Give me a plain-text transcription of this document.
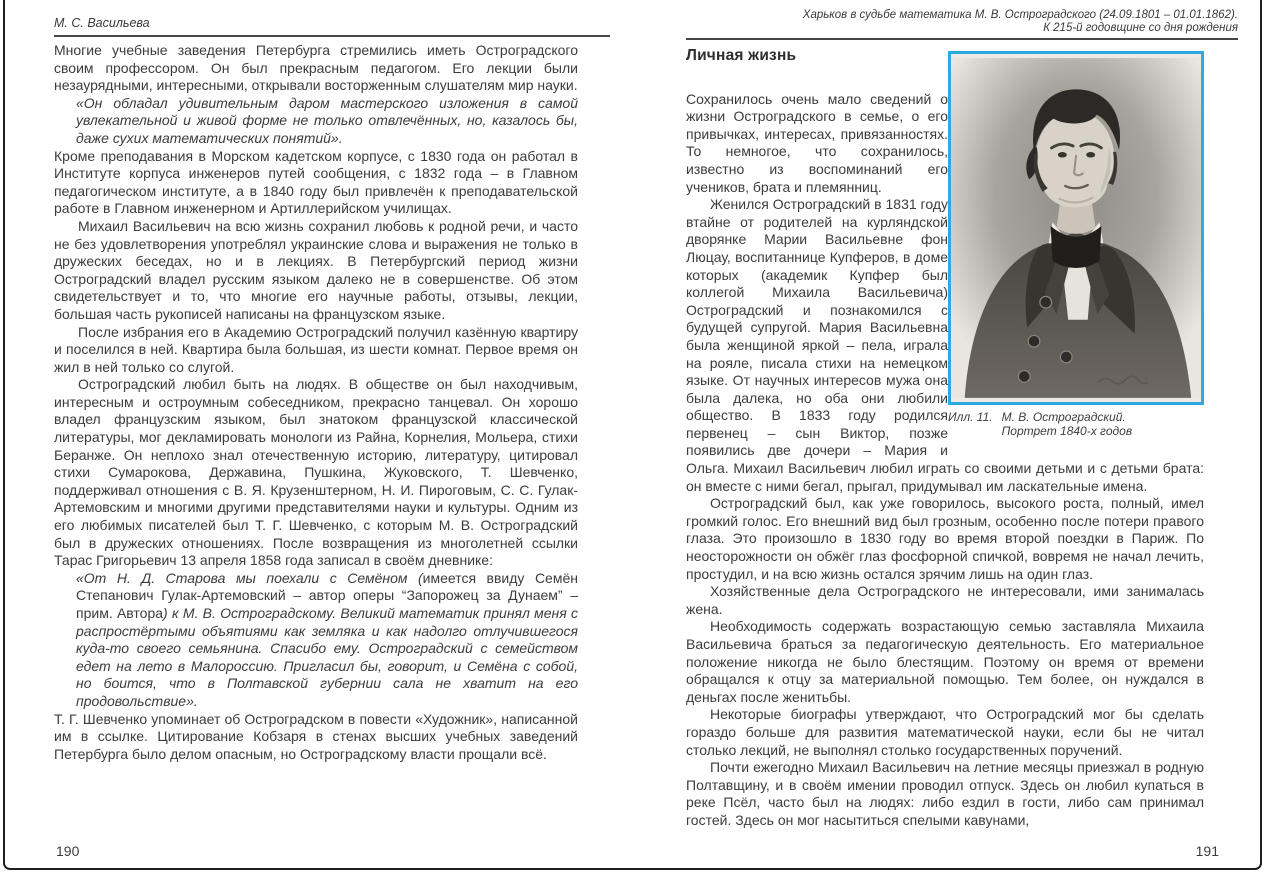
М. С. Васильева

Многие учебные заведения Петербурга стремились иметь Остроградского своим профессором. Он был прекрасным педагогом. Его лекции были незаурядными, интересными, открывали восторженным слушателям мир науки.

«Он обладал удивительным даром мастерского изложения в самой увлекательной и живой форме не только отвлечённых, но, казалось бы, даже сухих математических понятий».

Кроме преподавания в Морском кадетском корпусе, с 1830 года он работал в Институте корпуса инженеров путей сообщения, с 1832 года – в Главном педагогическом институте, а в 1840 году был привлечён к преподавательской работе в Главном инженерном и Артиллерийском училищах.

Михаил Васильевич на всю жизнь сохранил любовь к родной речи, и часто не без удовлетворения употреблял украинские слова и выражения не только в дружеских беседах, но и в лекциях. В Петербургский период жизни Остроградский владел русским языком далеко не в совершенстве. Об этом свидетельствует и то, что многие его научные работы, отзывы, лекции, большая часть рукописей написаны на французском языке.

После избрания его в Академию Остроградский получил казённую квартиру и поселился в ней. Квартира была большая, из шести комнат. Первое время он жил в ней только со слугой.

Остроградский любил быть на людях. В обществе он был находчивым, интересным и остроумным собеседником, прекрасно танцевал. Он хорошо владел французским языком, был знатоком французской классической литературы, мог декламировать монологи из Райна, Корнелия, Мольера, стихи Беранже. Он неплохо знал отечественную историю, литературу, цитировал стихи Сумарокова, Державина, Пушкина, Жуковского, Т. Шевченко, поддерживал отношения с В. Я. Крузенштерном, Н. И. Пироговым, С. С. Гулак-Артемовским и многими другими представителями науки и культуры. Одним из его любимых писателей был Т. Г. Шевченко, с которым М. В. Остроградский был в дружеских отношениях. После возвращения из многолетней ссылки Тарас Григорьевич 13 апреля 1858 года записал в своём дневнике:

«От Н. Д. Старова мы поехали с Семёном (имеется ввиду Семён Степанович Гулак-Артемовский – автор оперы “Запорожец за Дунаем” – прим. Автора) к М. В. Остроградскому. Великий математик принял меня с распростёртыми объятиями как земляка и как надолго отлучившегося куда-то своего семьянина. Спасибо ему. Остроградский с семейством едет на лето в Малороссию. Пригласил бы, говорит, и Семёна с собой, но боится, что в Полтавской губернии сала не хватит на его продовольствие».

Т. Г. Шевченко упоминает об Остроградском в повести «Художник», написанной им в ссылке. Цитирование Кобзаря в стенах высших учебных заведений Петербурга было делом опасным, но Остроградскому власти прощали всё.

190
Харьков в судьбе математика М. В. Остроградского (24.09.1801 – 01.01.1862).
К 215-й годовщине со дня рождения
Илл. 11. М. В. Остроградский.
Портрет 1840-х годов
Личная жизнь

Сохранилось очень мало сведений о жизни Остроградского в семье, о его привычках, интересах, привязанностях. То немногое, что сохранилось, известно из воспоминаний его учеников, брата и племянниц.

Женился Остроградский в 1831 году втайне от родителей на курляндской дворянке Марии Васильевне фон Люцау, воспитаннице Купферов, в доме которых (академик Купфер был коллегой Михаила Васильевича) Остроградский и познакомился с будущей супругой. Мария Васильевна была женщиной яркой – пела, играла на рояле, писала стихи на немецком языке. От научных интересов мужа она была далека, но оба они любили общество. В 1833 году родился первенец – сын Виктор, позже появились две дочери – Мария и Ольга. Михаил Васильевич любил играть со своими детьми и с детьми брата: он вместе с ними бегал, прыгал, придумывал им ласкательные имена.

Остроградский был, как уже говорилось, высокого роста, полный, имел громкий голос. Его внешний вид был грозным, особенно после потери правого глаза. Это произошло в 1830 году во время второй поездки в Париж. По неосторожности он обжёг глаз фосфорной спичкой, вовремя не начал лечить, простудил, и на всю жизнь остался зрячим лишь на один глаз.

Хозяйственные дела Остроградского не интересовали, ими занималась жена.

Необходимость содержать возрастающую семью заставляла Михаила Васильевича браться за педагогическую деятельность. Его материальное положение никогда не было блестящим. Поэтому он время от времени обращался к отцу за материальной помощью. Тем более, он нуждался в деньгах после женитьбы.

Некоторые биографы утверждают, что Остроградский мог бы сделать гораздо больше для развития математической науки, если бы не читал столько лекций, не выполнял столько государственных поручений.

Почти ежегодно Михаил Васильевич на летние месяцы приезжал в родную Полтавщину, и в своём имении проводил отпуск. Здесь он любил купаться в реке Псёл, часто был на людях: либо ездил в гости, либо сам принимал гостей. Здесь он мог насытиться спелыми кавунами,

191
